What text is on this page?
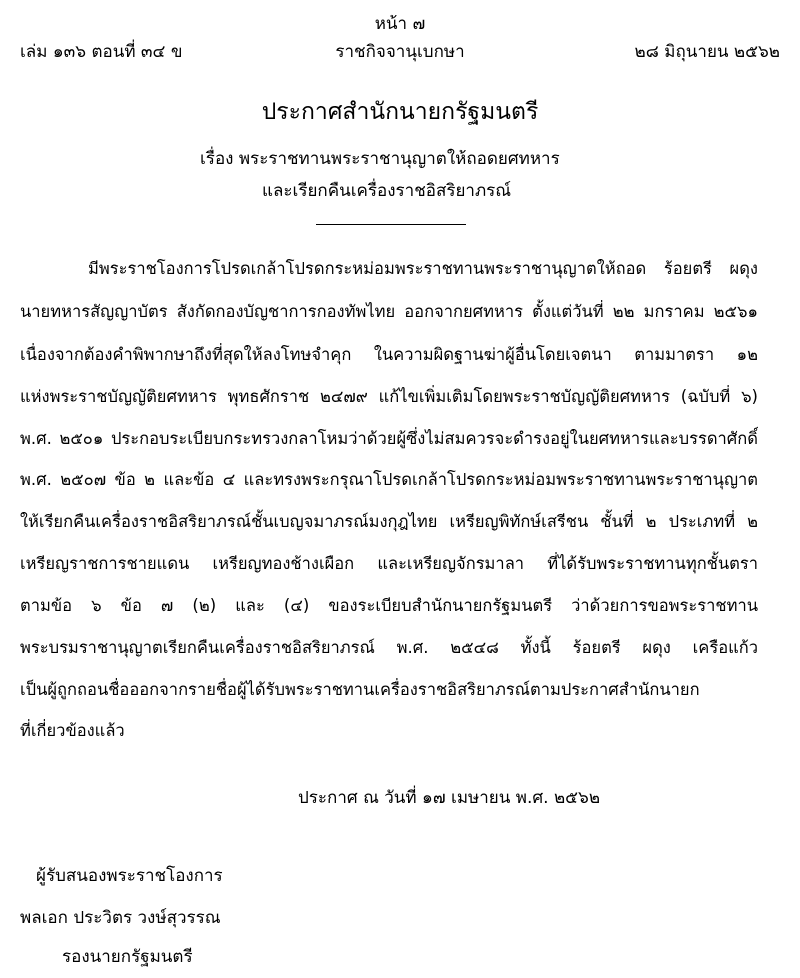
หน้า ๗
เล่ม ๑๓๖ ตอนที่ ๓๔ ข	ราชกิจจานุเบกษา	๒๘ มิถุนายน ๒๕๖๒
ประกาศสำนักนายกรัฐมนตรี
เรื่อง พระราชทานพระราชานุญาตให้ถอดยศทหาร
และเรียกคืนเครื่องราชอิสริยาภรณ์
มีพระราชโองการโปรดเกล้าโปรดกระหม่อมพระราชทานพระราชานุญาตให้ถอด ร้อยตรี ผดุง
นายทหารสัญญาบัตร สังกัดกองบัญชาการกองทัพไทย ออกจากยศทหาร ตั้งแต่วันที่ ๒๒ มกราคม ๒๕๖๑
เนื่องจากต้องคำพิพากษาถึงที่สุดให้ลงโทษจำคุก ในความผิดฐานฆ่าผู้อื่นโดยเจตนา ตามมาตรา ๑๒
แห่งพระราชบัญญัติยศทหาร พุทธศักราช ๒๔๗๙ แก้ไขเพิ่มเติมโดยพระราชบัญญัติยศทหาร (ฉบับที่ ๖)
พ.ศ. ๒๕๐๑ ประกอบระเบียบกระทรวงกลาโหมว่าด้วยผู้ซึ่งไม่สมควรจะดำรงอยู่ในยศทหารและบรรดาศักดิ์
พ.ศ. ๒๕๐๗ ข้อ ๒ และข้อ ๔ และทรงพระกรุณาโปรดเกล้าโปรดกระหม่อมพระราชทานพระราชานุญาต
ให้เรียกคืนเครื่องราชอิสริยาภรณ์ชั้นเบญจมาภรณ์มงกุฎไทย เหรียญพิทักษ์เสรีชน ชั้นที่ ๒ ประเภทที่ ๒
เหรียญราชการชายแดน เหรียญทองช้างเผือก และเหรียญจักรมาลา ที่ได้รับพระราชทานทุกชั้นตรา
ตามข้อ ๖ ข้อ ๗ (๒) และ (๔) ของระเบียบสำนักนายกรัฐมนตรี ว่าด้วยการขอพระราชทาน
พระบรมราชานุญาตเรียกคืนเครื่องราชอิสริยาภรณ์ พ.ศ. ๒๕๔๘ ทั้งนี้ ร้อยตรี ผดุง เครือแก้ว
เป็นผู้ถูกถอนชื่อออกจากรายชื่อผู้ได้รับพระราชทานเครื่องราชอิสริยาภรณ์ตามประกาศสำนักนายก
ที่เกี่ยวข้องแล้ว
ประกาศ ณ วันที่ ๑๗ เมษายน พ.ศ. ๒๕๖๒
ผู้รับสนองพระราชโองการ
พลเอก ประวิตร วงษ์สุวรรณ
รองนายกรัฐมนตรี
